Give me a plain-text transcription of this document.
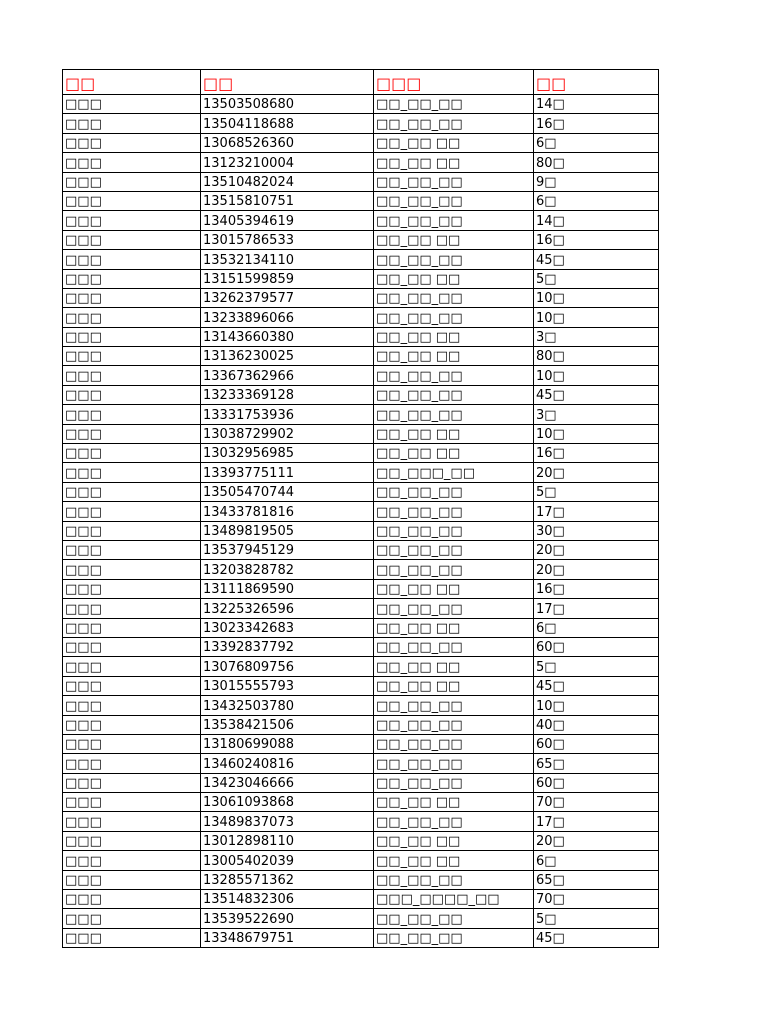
□□	□□	□□□	□□
□□□	13503508680	□□_□□_□□	14□
□□□	13504118688	□□_□□_□□	16□
□□□	13068526360	□□_□□ □□	6□
□□□	13123210004	□□_□□ □□	80□
□□□	13510482024	□□_□□_□□	9□
□□□	13515810751	□□_□□_□□	6□
□□□	13405394619	□□_□□_□□	14□
□□□	13015786533	□□_□□ □□	16□
□□□	13532134110	□□_□□_□□	45□
□□□	13151599859	□□_□□ □□	5□
□□□	13262379577	□□_□□_□□	10□
□□□	13233896066	□□_□□_□□	10□
□□□	13143660380	□□_□□ □□	3□
□□□	13136230025	□□_□□ □□	80□
□□□	13367362966	□□_□□_□□	10□
□□□	13233369128	□□_□□_□□	45□
□□□	13331753936	□□_□□_□□	3□
□□□	13038729902	□□_□□ □□	10□
□□□	13032956985	□□_□□ □□	16□
□□□	13393775111	□□_□□□_□□	20□
□□□	13505470744	□□_□□_□□	5□
□□□	13433781816	□□_□□_□□	17□
□□□	13489819505	□□_□□_□□	30□
□□□	13537945129	□□_□□_□□	20□
□□□	13203828782	□□_□□_□□	20□
□□□	13111869590	□□_□□ □□	16□
□□□	13225326596	□□_□□_□□	17□
□□□	13023342683	□□_□□ □□	6□
□□□	13392837792	□□_□□_□□	60□
□□□	13076809756	□□_□□ □□	5□
□□□	13015555793	□□_□□ □□	45□
□□□	13432503780	□□_□□_□□	10□
□□□	13538421506	□□_□□_□□	40□
□□□	13180699088	□□_□□_□□	60□
□□□	13460240816	□□_□□_□□	65□
□□□	13423046666	□□_□□_□□	60□
□□□	13061093868	□□_□□ □□	70□
□□□	13489837073	□□_□□_□□	17□
□□□	13012898110	□□_□□ □□	20□
□□□	13005402039	□□_□□ □□	6□
□□□	13285571362	□□_□□_□□	65□
□□□	13514832306	□□□_□□□□_□□	70□
□□□	13539522690	□□_□□_□□	5□
□□□	13348679751	□□_□□_□□	45□
